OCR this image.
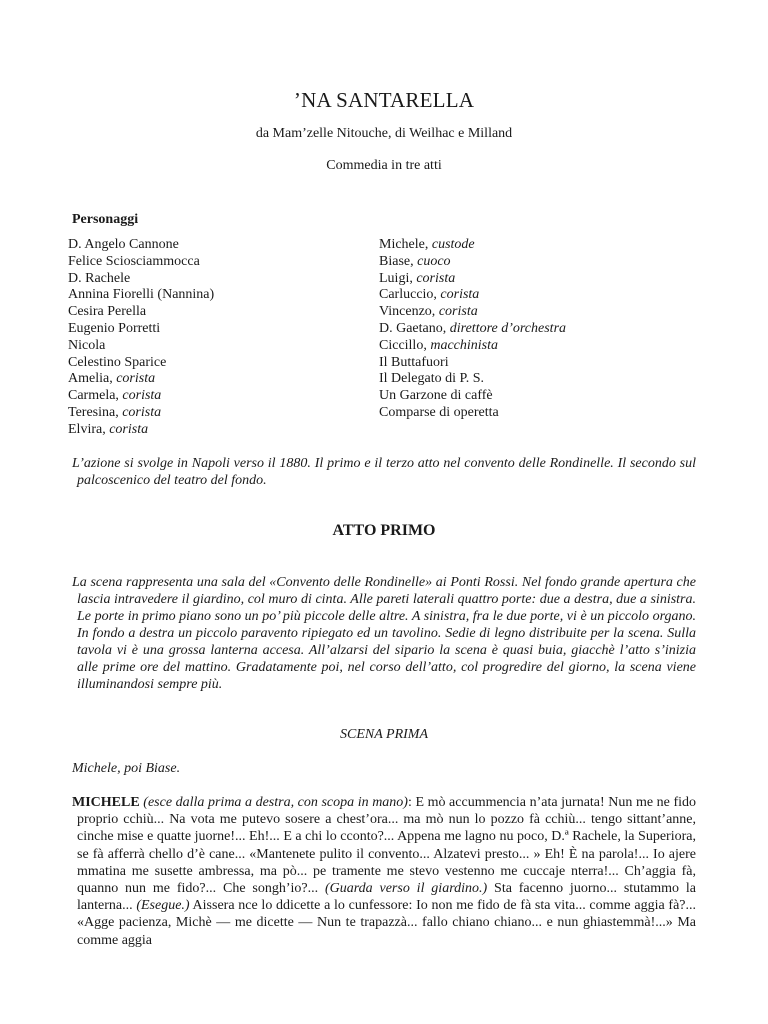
’NA SANTARELLA
da Mam’zelle Nitouche, di Weilhac e Milland
Commedia in tre atti
Personaggi
D. Angelo Cannone
Felice Sciosciammocca
D. Rachele
Annina Fiorelli (Nannina)
Cesira Perella
Eugenio Porretti
Nicola
Celestino Sparice
Amelia, corista
Carmela, corista
Teresina, corista
Elvira, corista
Michele, custode
Biase, cuoco
Luigi, corista
Carluccio, corista
Vincenzo, corista
D. Gaetano, direttore d’orchestra
Ciccillo, macchinista
Il Buttafuori
Il Delegato di P. S.
Un Garzone di caffè
Comparse di operetta
L’azione si svolge in Napoli verso il 1880. Il primo e il terzo atto nel convento delle Rondinelle. Il secondo sul palcoscenico del teatro del fondo.
ATTO PRIMO
La scena rappresenta una sala del «Convento delle Rondinelle» ai Ponti Rossi. Nel fondo grande apertura che lascia intravedere il giardino, col muro di cinta. Alle pareti laterali quattro porte: due a destra, due a sinistra. Le porte in primo piano sono un po’ più piccole delle altre. A sinistra, fra le due porte, vi è un piccolo organo. In fondo a destra un piccolo paravento ripiegato ed un tavolino. Sedie di legno distribuite per la scena. Sulla tavola vi è una grossa lanterna accesa. All’alzarsi del sipario la scena è quasi buia, giacchè l’atto s’inizia alle prime ore del mattino. Gradatamente poi, nel corso dell’atto, col progredire del giorno, la scena viene illuminandosi sempre più.
SCENA PRIMA
Michele, poi Biase.
MICHELE (esce dalla prima a destra, con scopa in mano): E mò accummencia n’ata jurnata! Nun me ne fido proprio cchiù... Na vota me putevo sosere a chest’ora... ma mò nun lo pozzo fà cchiù... tengo sittant’anne, cinche mise e quatte juorne!... Eh!... E a chi lo cconto?... Appena me lagno nu poco, D.ª Rachele, la Superiora, se fà afferrà chello d’è cane... «Mantenete pulito il convento... Alzatevi presto... » Eh! È na parola!... Io ajere mmatina me susette ambressa, ma pò... pe tramente me stevo vestenno me cuccaje nterra!... Ch’aggia fà, quanno nun me fido?... Che songh’io?... (Guarda verso il giardino.) Sta facenno juorno... stutammo la lanterna... (Esegue.) Aissera nce lo ddicette a lo cunfessore: Io non me fido de fà sta vita... comme aggia fà?... «Agge pacienza, Michè — me dicette — Nun te trapazzà... fallo chiano chiano... e nun ghiastemmà!...» Ma comme aggia
